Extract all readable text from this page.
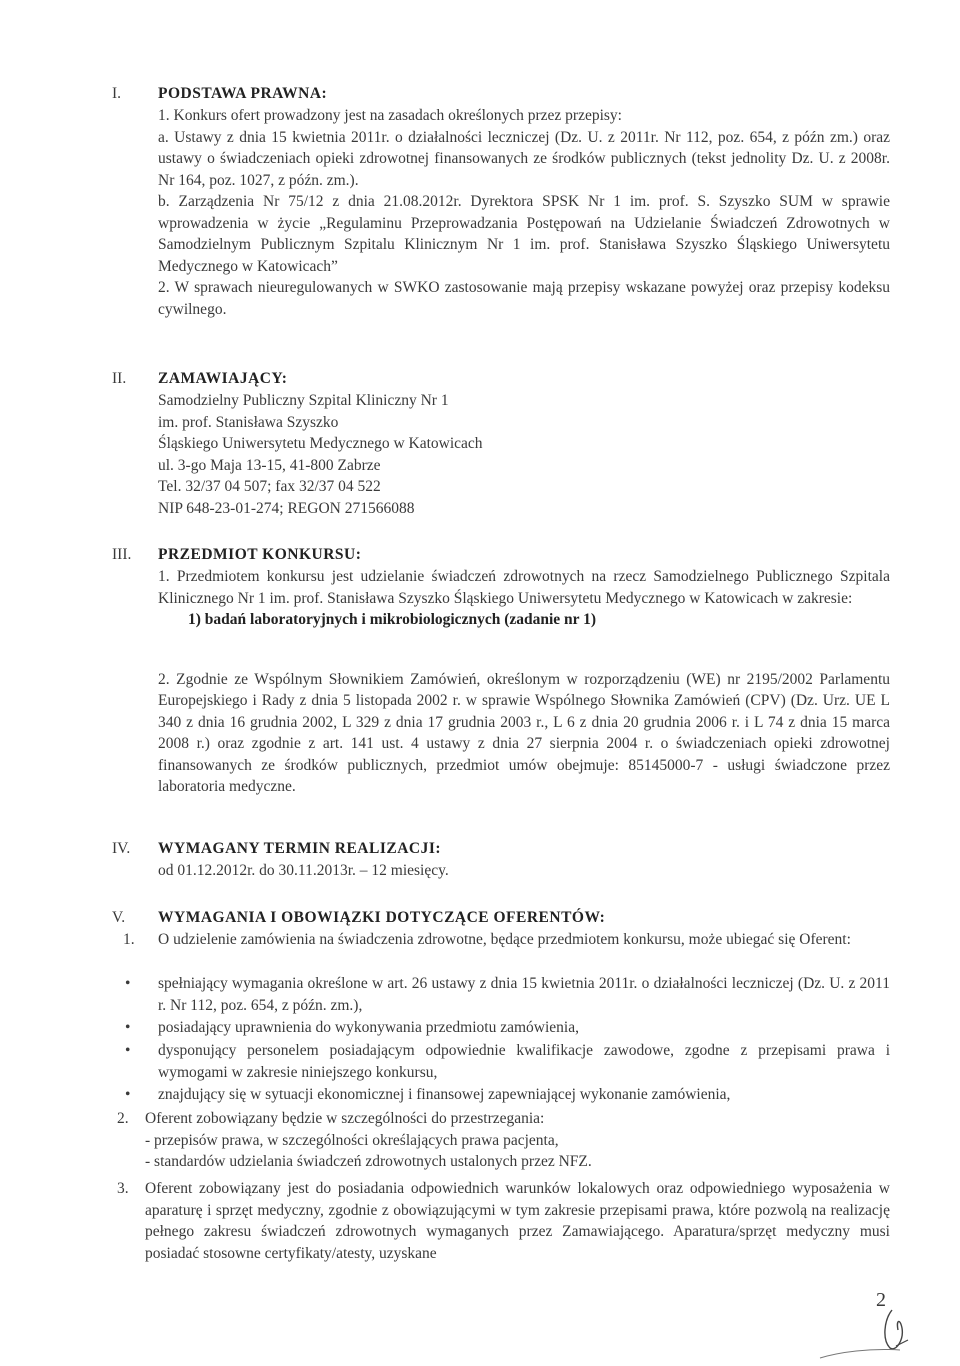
I.	PODSTAWA PRAWNA:

1. Konkurs ofert prowadzony jest na zasadach określonych przez przepisy:

a. Ustawy z dnia 15 kwietnia 2011r. o działalności leczniczej (Dz. U. z 2011r. Nr 112, poz. 654, z późn zm.) oraz ustawy o świadczeniach opieki zdrowotnej finansowanych ze środków publicznych (tekst jednolity Dz. U. z 2008r. Nr 164, poz. 1027, z późn. zm.).

b. Zarządzenia Nr 75/12 z dnia 21.08.2012r. Dyrektora SPSK Nr 1 im. prof. S. Szyszko SUM w sprawie wprowadzenia w życie „Regulaminu Przeprowadzania Postępowań na Udzielanie Świadczeń Zdrowotnych w Samodzielnym Publicznym Szpitalu Klinicznym Nr 1 im. prof. Stanisława Szyszko Śląskiego Uniwersytetu Medycznego w Katowicach”

2. W sprawach nieuregulowanych w SWKO zastosowanie mają przepisy wskazane powyżej oraz przepisy kodeksu cywilnego.

II.	ZAMAWIAJĄCY:

Samodzielny Publiczny Szpital Kliniczny Nr 1

im. prof. Stanisława Szyszko

Śląskiego Uniwersytetu Medycznego w Katowicach

ul. 3-go Maja 13-15, 41-800 Zabrze

Tel. 32/37 04 507; fax 32/37 04 522

NIP 648-23-01-274; REGON 271566088

III.	PRZEDMIOT KONKURSU:

1. Przedmiotem konkursu jest udzielanie świadczeń zdrowotnych na rzecz Samodzielnego Publicznego Szpitala Klinicznego Nr 1 im. prof. Stanisława Szyszko Śląskiego Uniwersytetu Medycznego w Katowicach w zakresie:

1) badań laboratoryjnych i mikrobiologicznych (zadanie nr 1)

2. Zgodnie ze Wspólnym Słownikiem Zamówień, określonym w rozporządzeniu (WE) nr 2195/2002 Parlamentu Europejskiego i Rady z dnia 5 listopada 2002 r. w sprawie Wspólnego Słownika Zamówień (CPV) (Dz. Urz. UE L 340 z dnia 16 grudnia 2002, L 329 z dnia 17 grudnia 2003 r., L 6 z dnia 20 grudnia 2006 r. i L 74 z dnia 15 marca 2008 r.) oraz zgodnie z art. 141 ust. 4 ustawy z dnia 27 sierpnia 2004 r. o świadczeniach opieki zdrowotnej finansowanych ze środków publicznych, przedmiot umów obejmuje: 85145000-7 - usługi świadczone przez laboratoria medyczne.

IV.	WYMAGANY TERMIN REALIZACJI:
od 01.12.2012r. do 30.11.2013r. – 12 miesięcy.
V.	WYMAGANIA I OBOWIĄZKI DOTYCZĄCE OFERENTÓW:
1.	O udzielenie zamówienia na świadczenia zdrowotne, będące przedmiotem konkursu, może ubiegać się Oferent:
•	spełniający wymagania określone w art. 26 ustawy z dnia 15 kwietnia 2011r. o działalności leczniczej (Dz. U. z 2011 r. Nr 112, poz. 654, z późn. zm.),
•	posiadający uprawnienia do wykonywania przedmiotu zamówienia,
•	dysponujący personelem posiadającym odpowiednie kwalifikacje zawodowe, zgodne z przepisami prawa i wymogami w zakresie niniejszego konkursu,
•	znajdujący się w sytuacji ekonomicznej i finansowej zapewniającej wykonanie zamówienia,
2.	Oferent zobowiązany będzie w szczególności do przestrzegania:
- przepisów prawa, w szczególności określających prawa pacjenta,
- standardów udzielania świadczeń zdrowotnych ustalonych przez NFZ.
3.	Oferent zobowiązany jest do posiadania odpowiednich warunków lokalowych oraz odpowiedniego wyposażenia w aparaturę i sprzęt medyczny, zgodnie z obowiązującymi w tym zakresie przepisami prawa, które pozwolą na realizację pełnego zakresu świadczeń zdrowotnych wymaganych przez Zamawiającego. Aparatura/sprzęt medyczny musi posiadać stosowne certyfikaty/atesty, uzyskane
2
